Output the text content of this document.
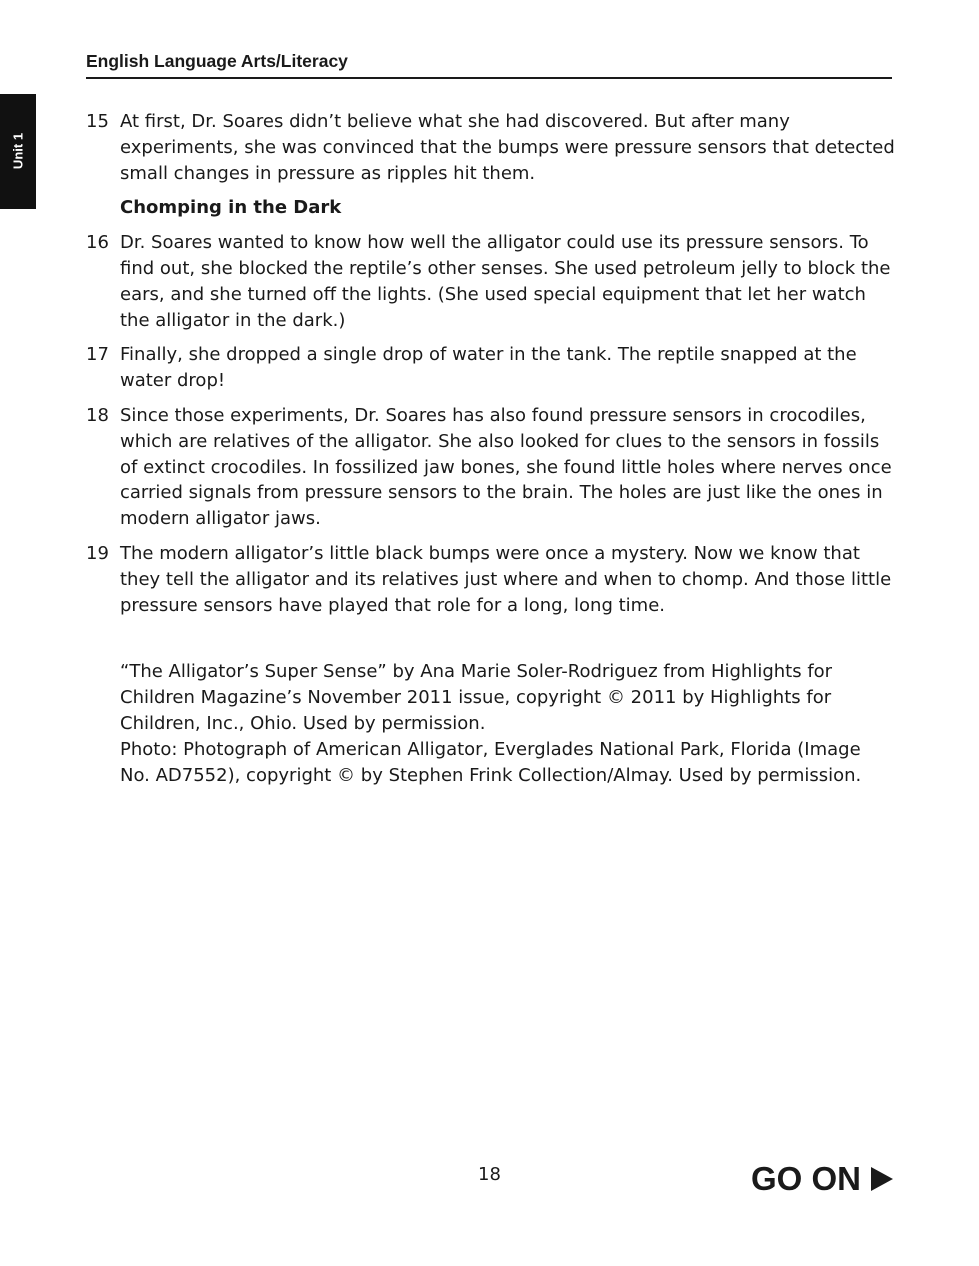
English Language Arts/Literacy
Unit 1
15 At first, Dr. Soares didn’t believe what she had discovered. But after many experiments, she was convinced that the bumps were pressure sensors that detected small changes in pressure as ripples hit them.
Chomping in the Dark
16 Dr. Soares wanted to know how well the alligator could use its pressure sensors. To find out, she blocked the reptile’s other senses. She used petroleum jelly to block the ears, and she turned off the lights. (She used special equipment that let her watch the alligator in the dark.)
17 Finally, she dropped a single drop of water in the tank. The reptile snapped at the water drop!
18 Since those experiments, Dr. Soares has also found pressure sensors in crocodiles, which are relatives of the alligator. She also looked for clues to the sensors in fossils of extinct crocodiles. In fossilized jaw bones, she found little holes where nerves once carried signals from pressure sensors to the brain. The holes are just like the ones in modern alligator jaws.
19 The modern alligator’s little black bumps were once a mystery. Now we know that they tell the alligator and its relatives just where and when to chomp. And those little pressure sensors have played that role for a long, long time.

“The Alligator’s Super Sense” by Ana Marie Soler-Rodriguez from Highlights for Children Magazine’s November 2011 issue, copyright © 2011 by Highlights for Children, Inc., Ohio. Used by permission.

Photo: Photograph of American Alligator, Everglades National Park, Florida (Image No. AD7552), copyright © by Stephen Frink Collection/Almay. Used by permission.

18	GO ON
